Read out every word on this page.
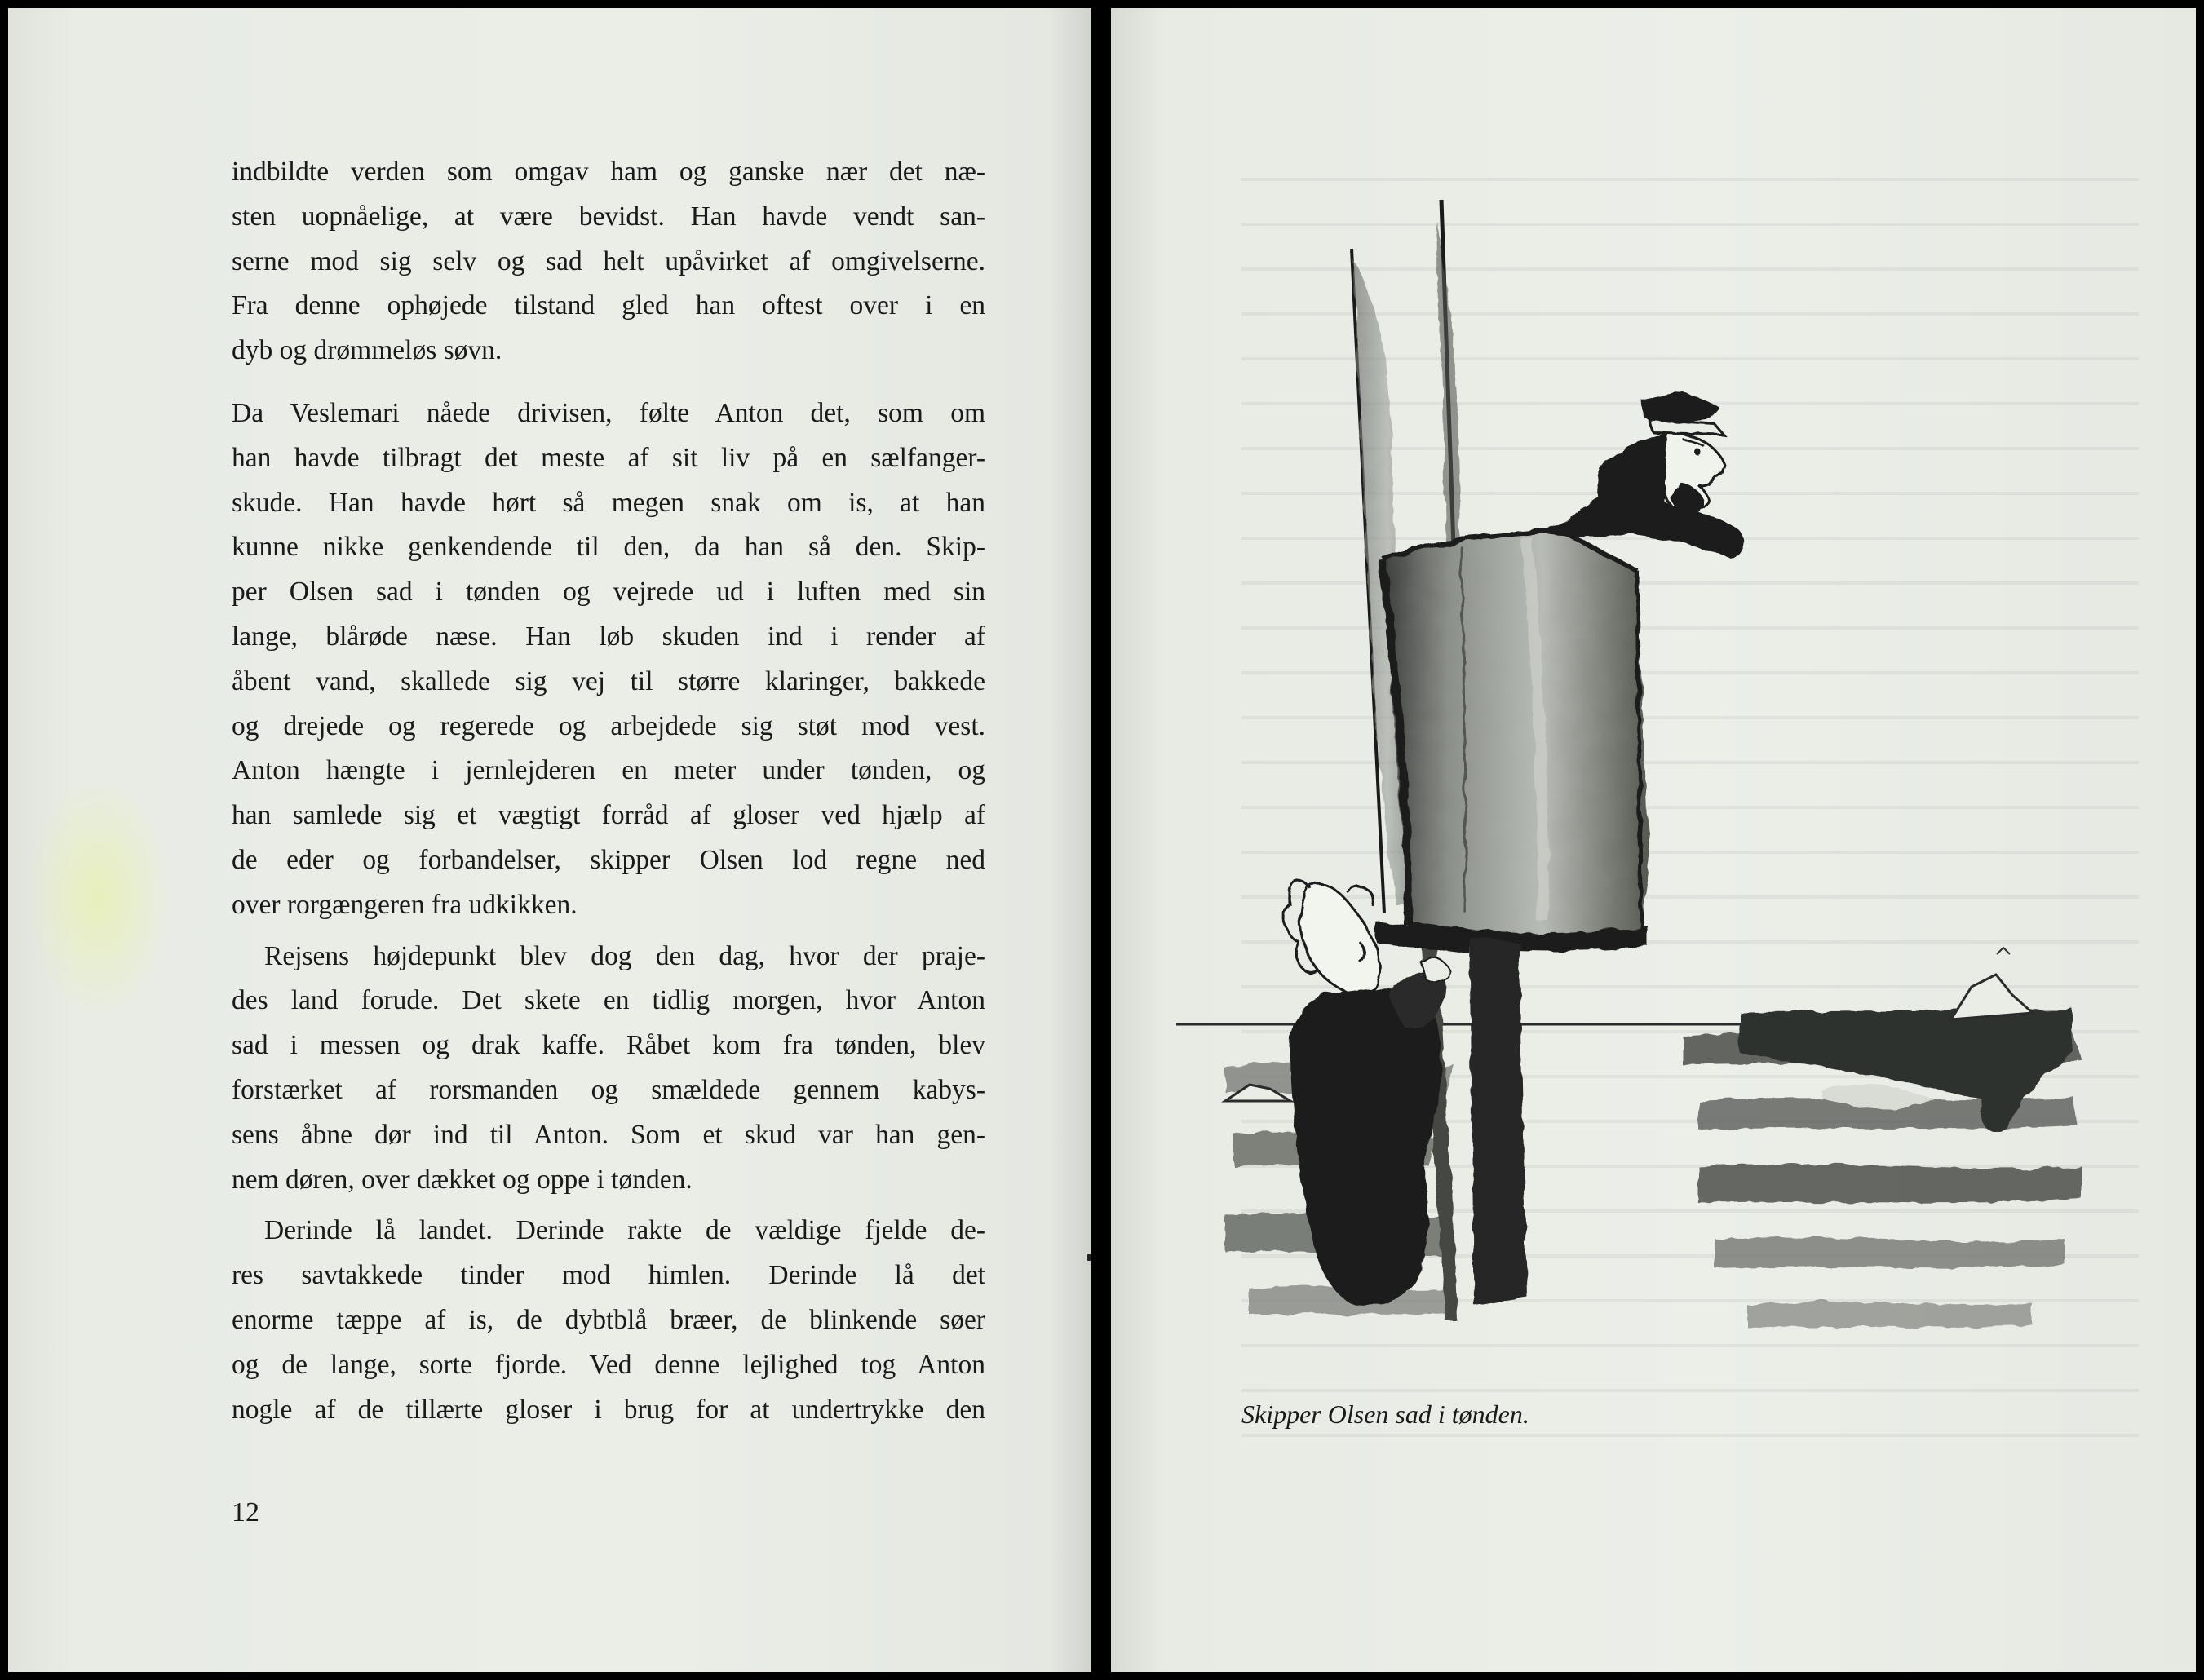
indbildte verden som omgav ham og ganske nær det næ-
sten uopnåelige, at være bevidst. Han havde vendt san-
serne mod sig selv og sad helt upåvirket af omgivelserne.
Fra denne ophøjede tilstand gled han oftest over i en
dyb og drømmeløs søvn.
Da Veslemari nåede drivisen, følte Anton det, som om
han havde tilbragt det meste af sit liv på en sælfanger-
skude. Han havde hørt så megen snak om is, at han
kunne nikke genkendende til den, da han så den. Skip-
per Olsen sad i tønden og vejrede ud i luften med sin
lange, blårøde næse. Han løb skuden ind i render af
åbent vand, skallede sig vej til større klaringer, bakkede
og drejede og regerede og arbejdede sig støt mod vest.
Anton hængte i jernlejderen en meter under tønden, og
han samlede sig et vægtigt forråd af gloser ved hjælp af
de eder og forbandelser, skipper Olsen lod regne ned
over rorgængeren fra udkikken.
Rejsens højdepunkt blev dog den dag, hvor der praje-
des land forude. Det skete en tidlig morgen, hvor Anton
sad i messen og drak kaffe. Råbet kom fra tønden, blev
forstærket af rorsmanden og smældede gennem kabys-
sens åbne dør ind til Anton. Som et skud var han gen-
nem døren, over dækket og oppe i tønden.
Derinde lå landet. Derinde rakte de vældige fjelde de-
res savtakkede tinder mod himlen. Derinde lå det
enorme tæppe af is, de dybtblå bræer, de blinkende søer
og de lange, sorte fjorde. Ved denne lejlighed tog Anton
nogle af de tillærte gloser i brug for at undertrykke den
12
Skipper Olsen sad i tønden.
